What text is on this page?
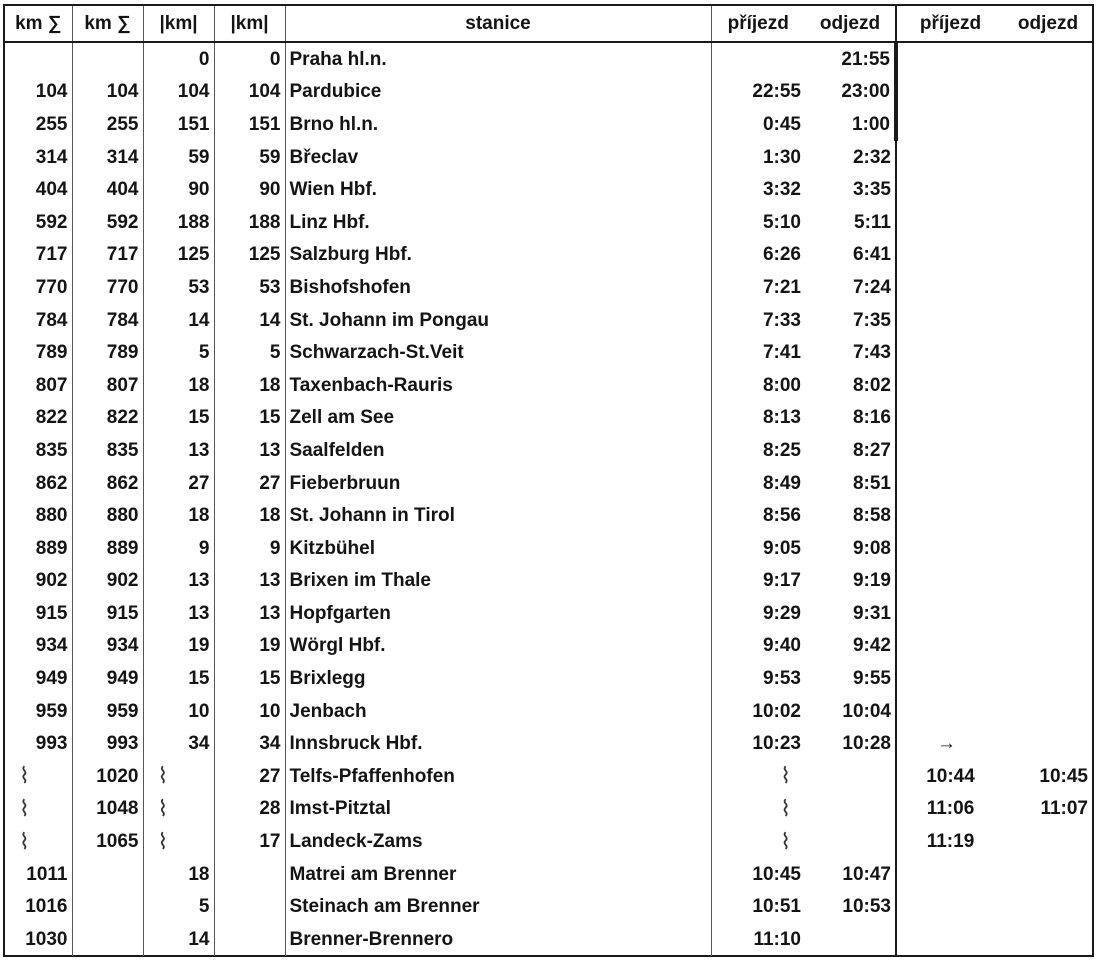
km ∑	km ∑	|km|	|km|	stanice	příjezd	odjezd	příjezd	odjezd
		0	0	Praha hl.n.		21:55		
104	104	104	104	Pardubice	22:55	23:00		
255	255	151	151	Brno hl.n.	0:45	1:00		
314	314	59	59	Břeclav	1:30	2:32		
404	404	90	90	Wien Hbf.	3:32	3:35		
592	592	188	188	Linz Hbf.	5:10	5:11		
717	717	125	125	Salzburg Hbf.	6:26	6:41		
770	770	53	53	Bishofshofen	7:21	7:24		
784	784	14	14	St. Johann im Pongau	7:33	7:35		
789	789	5	5	Schwarzach-St.Veit	7:41	7:43		
807	807	18	18	Taxenbach-Rauris	8:00	8:02		
822	822	15	15	Zell am See	8:13	8:16		
835	835	13	13	Saalfelden	8:25	8:27		
862	862	27	27	Fieberbruun	8:49	8:51		
880	880	18	18	St. Johann in Tirol	8:56	8:58		
889	889	9	9	Kitzbühel	9:05	9:08		
902	902	13	13	Brixen im Thale	9:17	9:19		
915	915	13	13	Hopfgarten	9:29	9:31		
934	934	19	19	Wörgl Hbf.	9:40	9:42		
949	949	15	15	Brixlegg	9:53	9:55		
959	959	10	10	Jenbach	10:02	10:04		
993	993	34	34	Innsbruck Hbf.	10:23	10:28	→	
⌇	1020	⌇	27	Telfs-Pfaffenhofen	⌇		10:44	10:45
⌇	1048	⌇	28	Imst-Pitztal	⌇		11:06	11:07
⌇	1065	⌇	17	Landeck-Zams	⌇		11:19	
1011		18		Matrei am Brenner	10:45	10:47		
1016		5		Steinach am Brenner	10:51	10:53		
1030		14		Brenner-Brennero	11:10			
